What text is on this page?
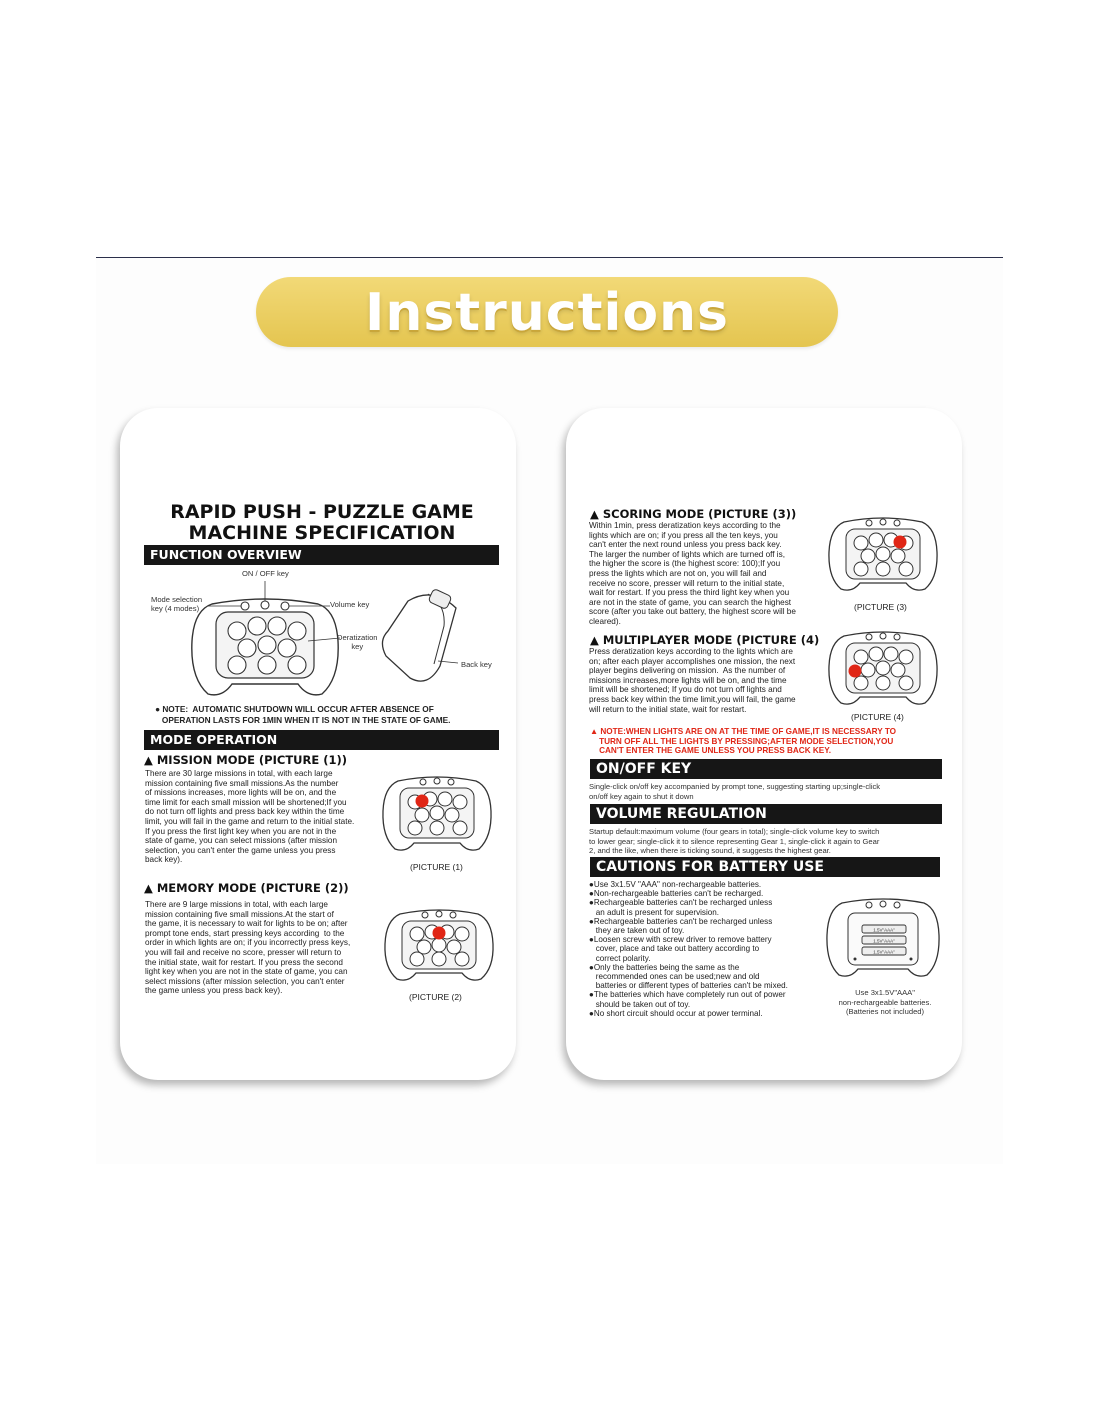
Instructions
RAPID PUSH - PUZZLE GAME
MACHINE SPECIFICATION
FUNCTION OVERVIEW
ON / OFF key
Mode selection
key (4 modes)	Volume key
Deratization
key
Back key
● NOTE:  AUTOMATIC SHUTDOWN WILL OCCUR AFTER ABSENCE OF
OPERATION LASTS FOR 1MIN WHEN IT IS NOT IN THE STATE OF GAME.
MODE OPERATION
▲ MISSION MODE (PICTURE (1))
There are 30 large missions in total, with each large
mission containing five small missions.As the number
of missions increases, more lights will be on, and the
time limit for each small mission will be shortened;If you
do not turn off lights and press back key within the time
limit, you will fail in the game and return to the initial state.
If you press the first light key when you are not in the
state of game, you can select missions (after mission
selection, you can't enter the game unless you press
back key).
(PICTURE (1)
▲ MEMORY MODE (PICTURE (2))
There are 9 large missions in total, with each large
mission containing five small missions.At the start of
the game, it is necessary to wait for lights to be on; after
prompt tone ends, start pressing keys according  to the
order in which lights are on; if you incorrectly press keys,
you will fail and receive no score, presser will return to
the initial state, wait for restart. If you press the second
light key when you are not in the state of game, you can
select missions (after mission selection, you can't enter
the game unless you press back key).
(PICTURE (2)
▲ SCORING MODE (PICTURE (3))
Within 1min, press deratization keys according to the
lights which are on; if you press all the ten keys, you
can't enter the next round unless you press back key.
The larger the number of lights which are turned off is,
the higher the score is (the highest score: 100);If you
press the lights which are not on, you will fail and
receive no score, presser will return to the initial state,
wait for restart. If you press the third light key when you
are not in the state of game, you can search the highest
score (after you take out battery, the highest score will be
cleared).
(PICTURE (3)
▲ MULTIPLAYER MODE (PICTURE (4)
Press deratization keys according to the lights which are
on; after each player accomplishes one mission, the next
player begins delivering on mission.  As the number of
missions increases,more lights will be on, and the time
limit will be shortened; If you do not turn off lights and
press back key within the time limit,you will fail, the game
will return to the initial state, wait for restart.
(PICTURE (4)
▲ NOTE:WHEN LIGHTS ARE ON AT THE TIME OF GAME,IT IS NECESSARY TO
TURN OFF ALL THE LIGHTS BY PRESSING;AFTER MODE SELECTION,YOU
CAN'T ENTER THE GAME UNLESS YOU PRESS BACK KEY.
ON/OFF KEY
Single-click on/off key accompanied by prompt tone, suggesting starting up;single-click
on/off key again to shut it down
VOLUME REGULATION
Startup default:maximum volume (four gears in total); single-click volume key to switch
to lower gear; single-click it to silence representing Gear 1, single-click it again to Gear
2, and the like, when there is ticking sound, it suggests the highest gear.
CAUTIONS FOR BATTERY USE
●Use 3x1.5V "AAA" non-rechargeable batteries.
●Non-rechargeable batteries can't be recharged.
●Rechargeable batteries can't be recharged unless
an adult is present for supervision.
●Rechargeable batteries can't be recharged unless
they are taken out of toy.
●Loosen screw with screw driver to remove battery
cover, place and take out battery according to
correct polarity.
●Only the batteries being the same as the
recommended ones can be used;new and old
batteries or different types of batteries can't be mixed.
●The batteries which have completely run out of power
should be taken out of toy.
●No short circuit should occur at power terminal.
1.5V"AAA"
1.5V"AAA"
1.5V"AAA"
Use 3x1.5V"AAA"
non-rechargeable batteries.
(Batteries not included)
